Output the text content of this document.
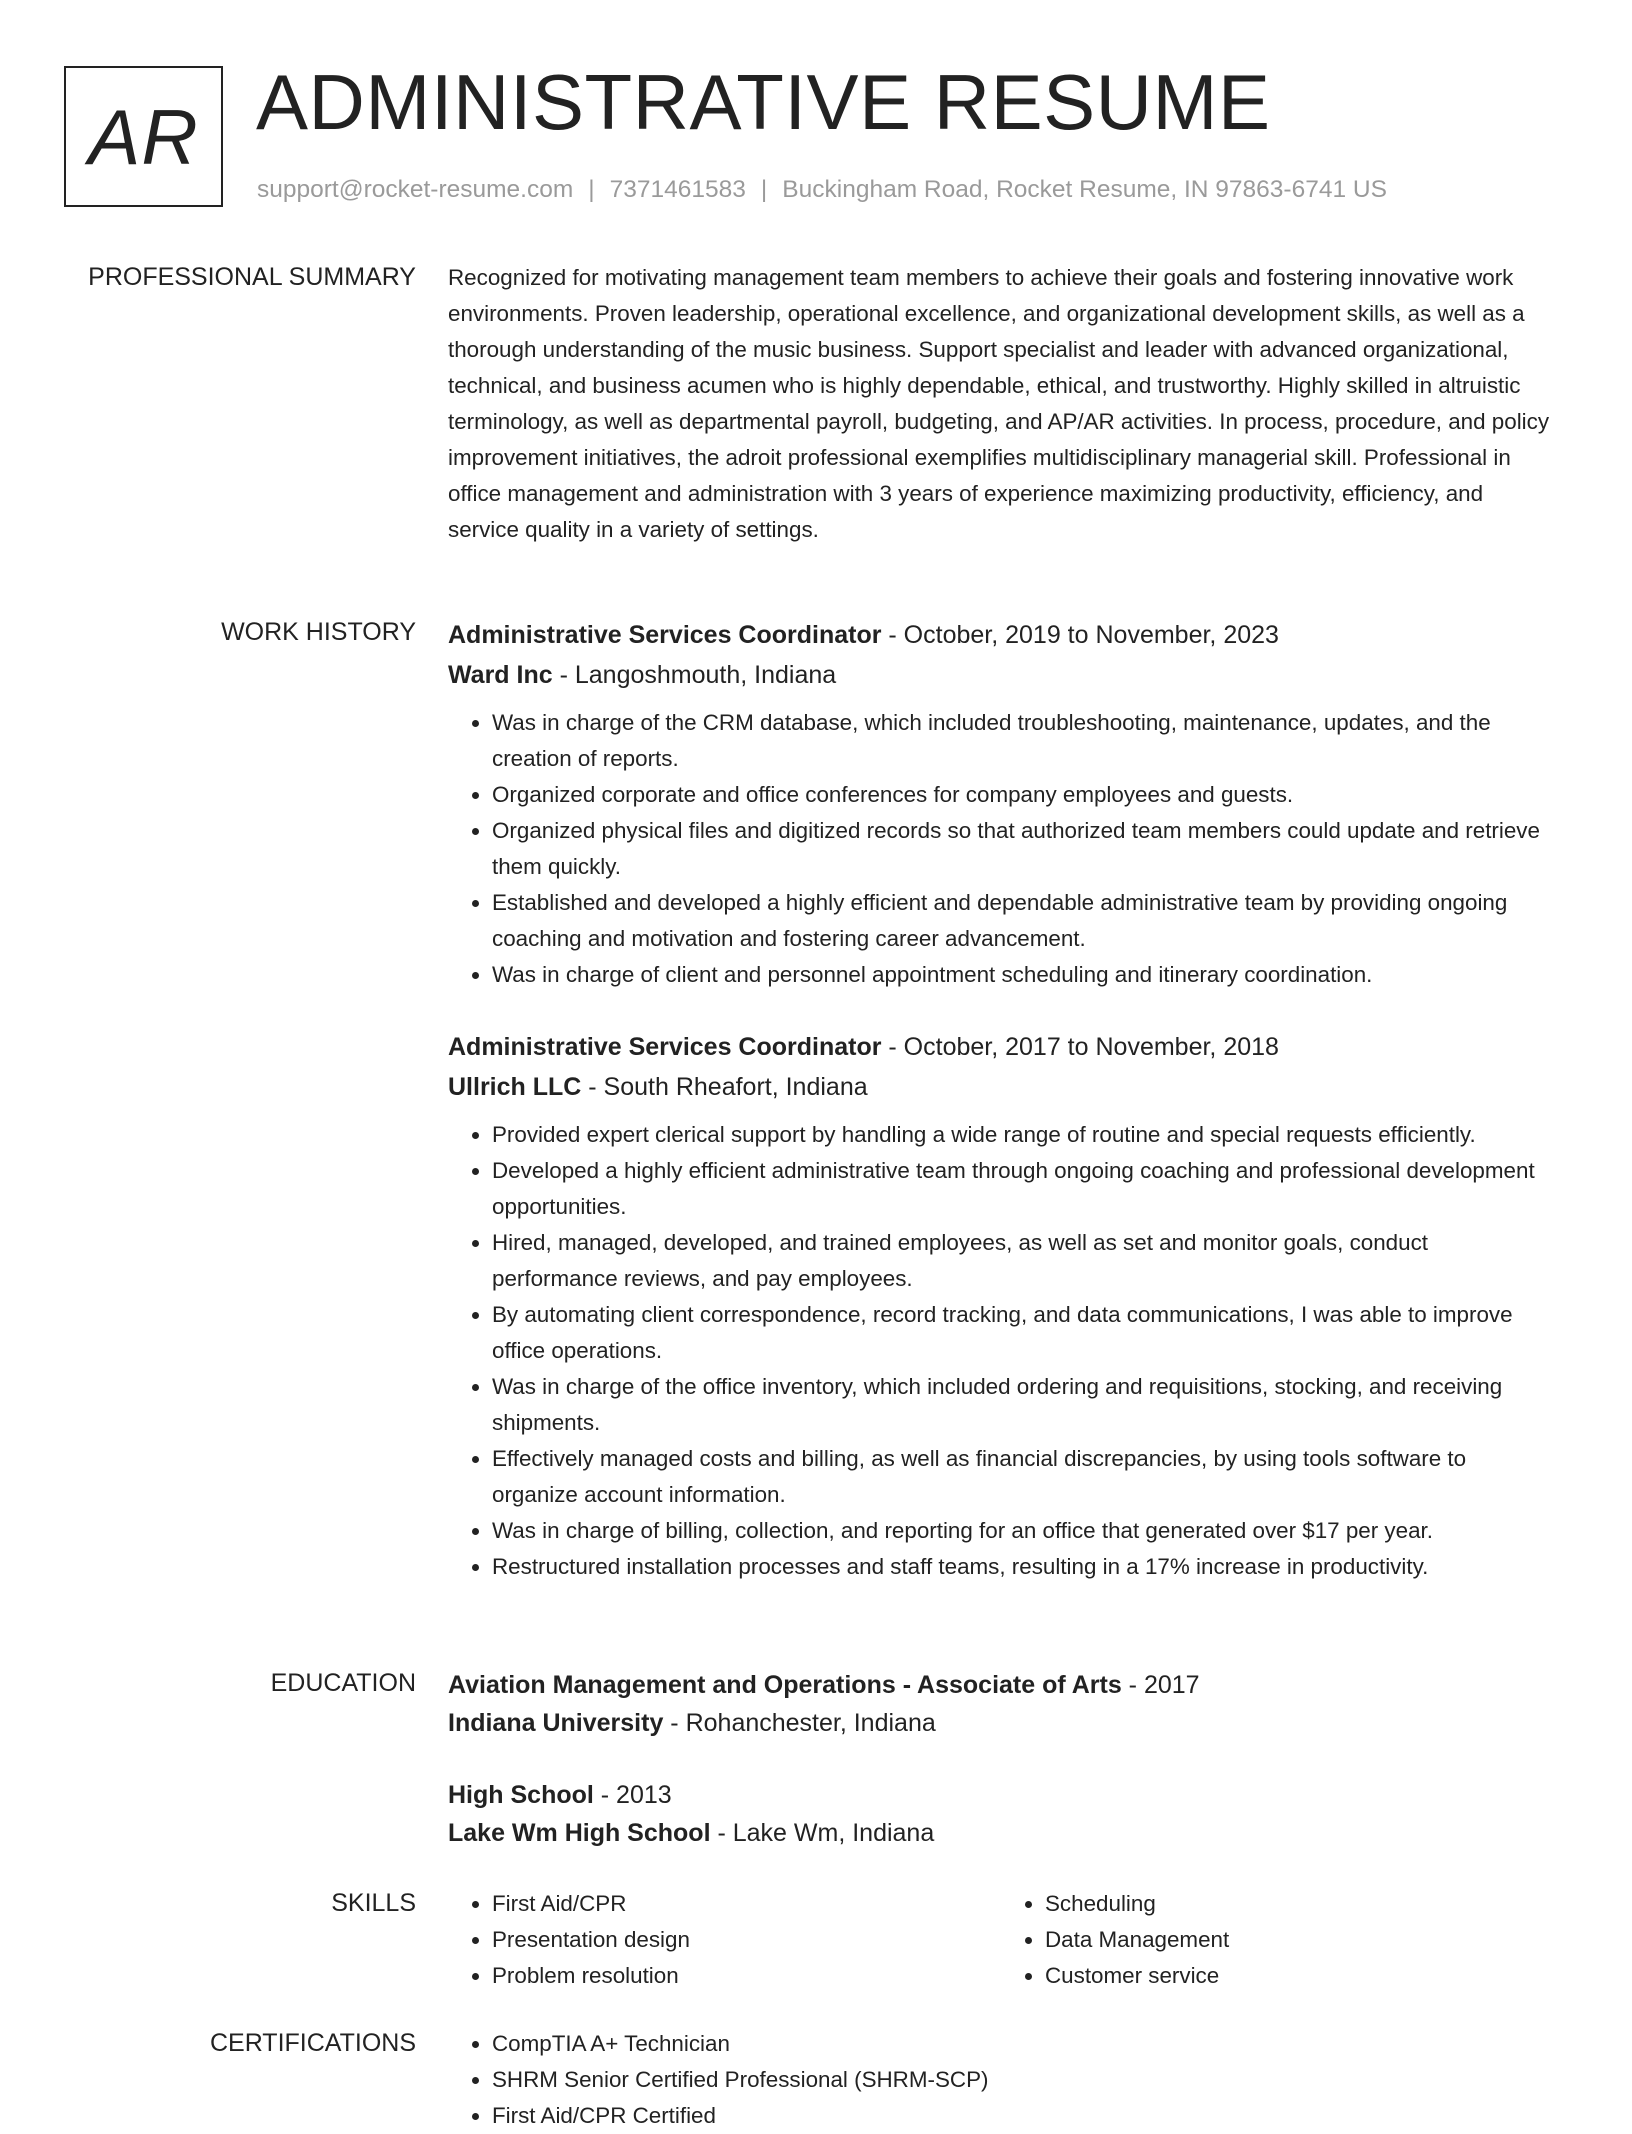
AR ADMINISTRATIVE RESUME
support@rocket-resume.com | 7371461583 | Buckingham Road, Rocket Resume, IN 97863-6741 US
PROFESSIONAL SUMMARY Recognized for motivating management team members to achieve their goals and fostering innovative work environments. Proven leadership, operational excellence, and organizational development skills, as well as a thorough understanding of the music business. Support specialist and leader with advanced organizational, technical, and business acumen who is highly dependable, ethical, and trustworthy. Highly skilled in altruistic terminology, as well as departmental payroll, budgeting, and AP/AR activities. In process, procedure, and policy improvement initiatives, the adroit professional exemplifies multidisciplinary managerial skill. Professional in office management and administration with 3 years of experience maximizing productivity, efficiency, and service quality in a variety of settings.

WORK HISTORY Administrative Services Coordinator - October, 2019 to November, 2023
Ward Inc - Langoshmouth, Indiana
• Was in charge of the CRM database, which included troubleshooting, maintenance, updates, and the creation of reports.
• Organized corporate and office conferences for company employees and guests.
• Organized physical files and digitized records so that authorized team members could update and retrieve them quickly.
• Established and developed a highly efficient and dependable administrative team by providing ongoing coaching and motivation and fostering career advancement.
• Was in charge of client and personnel appointment scheduling and itinerary coordination.
Administrative Services Coordinator - October, 2017 to November, 2018
Ullrich LLC - South Rheafort, Indiana
• Provided expert clerical support by handling a wide range of routine and special requests efficiently.
• Developed a highly efficient administrative team through ongoing coaching and professional development opportunities.
• Hired, managed, developed, and trained employees, as well as set and monitor goals, conduct performance reviews, and pay employees.
• By automating client correspondence, record tracking, and data communications, I was able to improve office operations.
• Was in charge of the office inventory, which included ordering and requisitions, stocking, and receiving shipments.
• Effectively managed costs and billing, as well as financial discrepancies, by using tools software to organize account information.
• Was in charge of billing, collection, and reporting for an office that generated over $17 per year.
• Restructured installation processes and staff teams, resulting in a 17% increase in productivity.
EDUCATION Aviation Management and Operations - Associate of Arts - 2017
Indiana University - Rohanchester, Indiana
High School - 2013
Lake Wm High School - Lake Wm, Indiana
SKILLS	• First Aid/CPR
• Presentation design
• Problem resolution
• Scheduling
• Data Management
• Customer service
CERTIFICATIONS	• CompTIA A+ Technician
• SHRM Senior Certified Professional (SHRM-SCP)
• First Aid/CPR Certified
